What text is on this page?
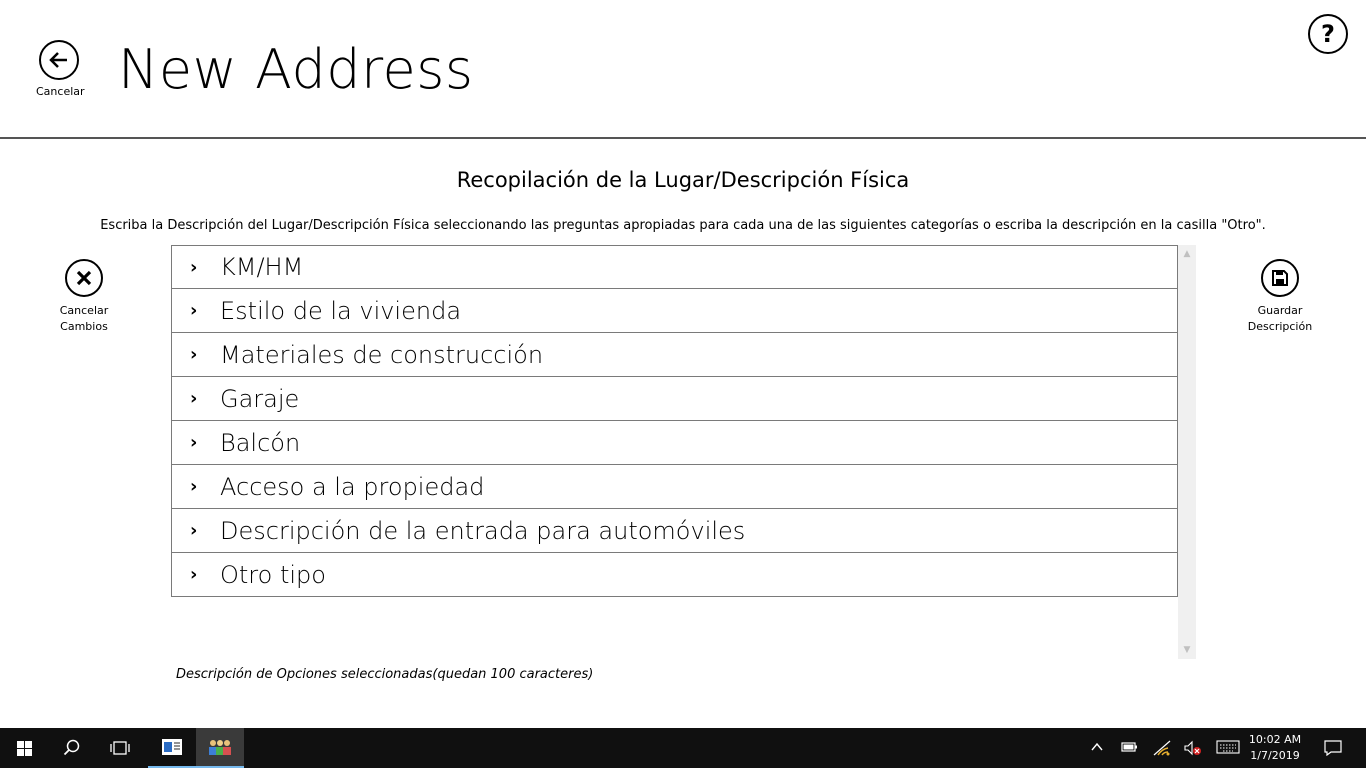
Cancelar New Address
?
Recopilación de la Lugar/Descripción Física
Escriba la Descripción del Lugar/Descripción Física seleccionando las preguntas apropiadas para cada una de las siguientes categorías o escriba la descripción en la casilla "Otro".
Cancelar
Cambios
Guardar
Descripción
› KM/HM
› Estilo de la vivienda
› Materiales de construcción
› Garaje
› Balcón
› Acceso a la propiedad
› Descripción de la entrada para automóviles
› Otro tipo
▲
▼
Descripción de Opciones seleccionadas(quedan 100 caracteres)
10:02 AM
1/7/2019
